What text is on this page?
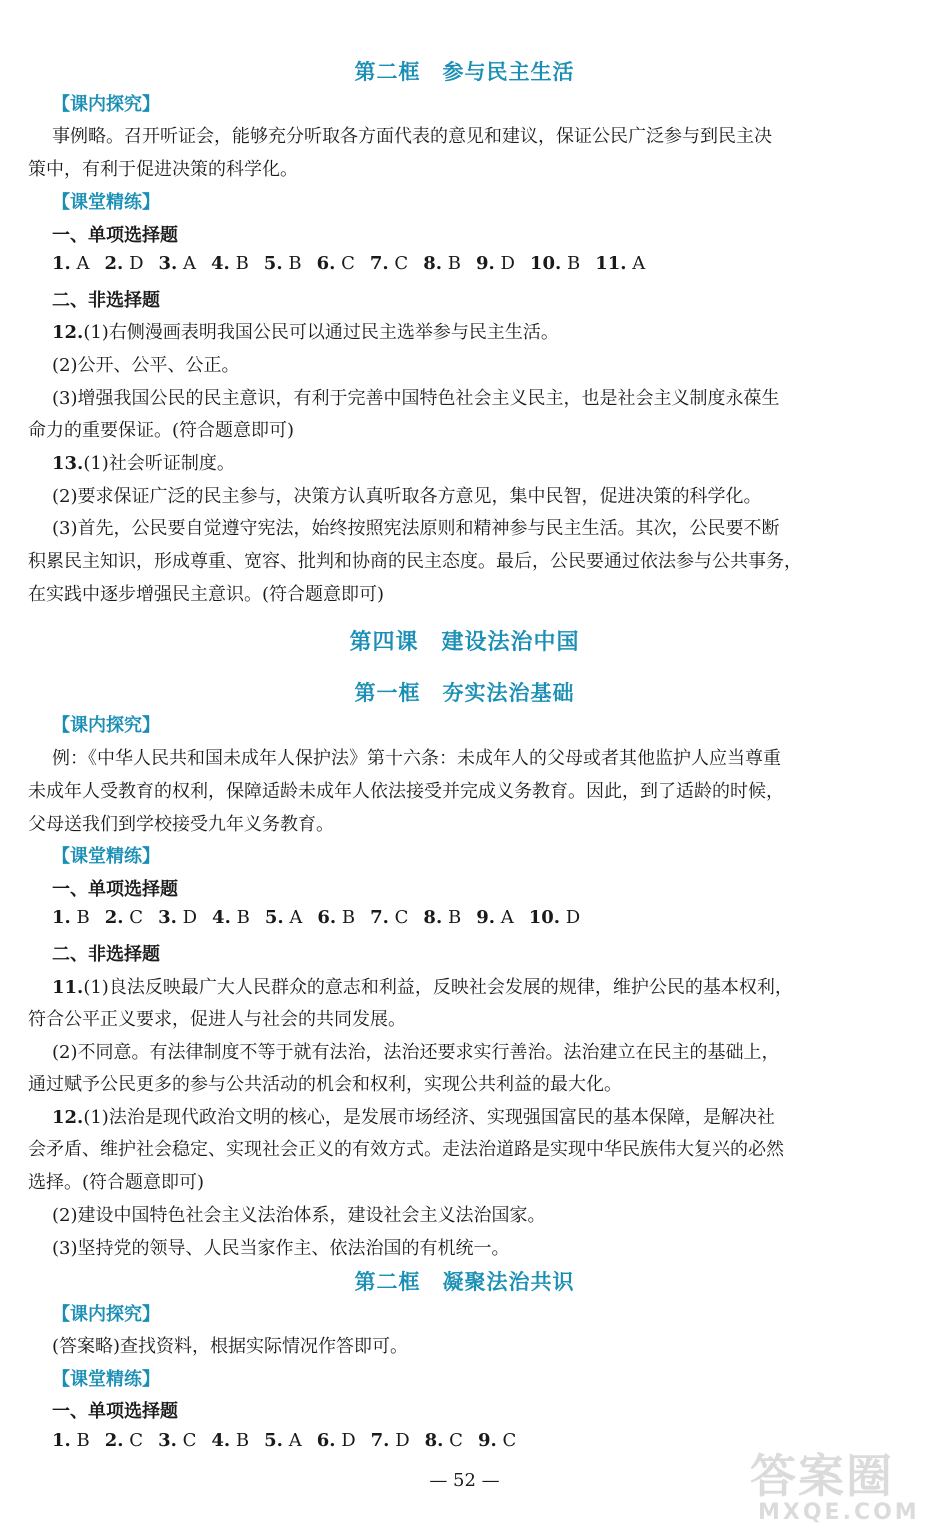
第二框　参与民主生活
【课内探究】
事例略。召开听证会，能够充分听取各方面代表的意见和建议，保证公民广泛参与到民主决
策中，有利于促进决策的科学化。
【课堂精练】
一、单项选择题
1. A 2. D 3. A 4. B 5. B 6. C 7. C 8. B 9. D 10. B 11. A
二、非选择题
12.(1)右侧漫画表明我国公民可以通过民主选举参与民主生活。
(2)公开、公平、公正。
(3)增强我国公民的民主意识，有利于完善中国特色社会主义民主，也是社会主义制度永葆生
命力的重要保证。(符合题意即可)
13.(1)社会听证制度。
(2)要求保证广泛的民主参与，决策方认真听取各方意见，集中民智，促进决策的科学化。
(3)首先，公民要自觉遵守宪法，始终按照宪法原则和精神参与民主生活。其次，公民要不断
积累民主知识，形成尊重、宽容、批判和协商的民主态度。最后，公民要通过依法参与公共事务，
在实践中逐步增强民主意识。(符合题意即可)
第四课　建设法治中国
第一框　夯实法治基础
【课内探究】
例：《中华人民共和国未成年人保护法》第十六条：未成年人的父母或者其他监护人应当尊重
未成年人受教育的权利，保障适龄未成年人依法接受并完成义务教育。因此，到了适龄的时候，
父母送我们到学校接受九年义务教育。
【课堂精练】
一、单项选择题
1. B 2. C 3. D 4. B 5. A 6. B 7. C 8. B 9. A 10. D
二、非选择题
11.(1)良法反映最广大人民群众的意志和利益，反映社会发展的规律，维护公民的基本权利，
符合公平正义要求，促进人与社会的共同发展。
(2)不同意。有法律制度不等于就有法治，法治还要求实行善治。法治建立在民主的基础上，
通过赋予公民更多的参与公共活动的机会和权利，实现公共利益的最大化。
12.(1)法治是现代政治文明的核心，是发展市场经济、实现强国富民的基本保障，是解决社
会矛盾、维护社会稳定、实现社会正义的有效方式。走法治道路是实现中华民族伟大复兴的必然
选择。(符合题意即可)
(2)建设中国特色社会主义法治体系，建设社会主义法治国家。
(3)坚持党的领导、人民当家作主、依法治国的有机统一。
第二框　凝聚法治共识
【课内探究】
(答案略)查找资料，根据实际情况作答即可。
【课堂精练】
一、单项选择题
1. B 2. C 3. C 4. B 5. A 6. D 7. D 8. C 9. C
— 52 —	答案圈
MXQE.COM
